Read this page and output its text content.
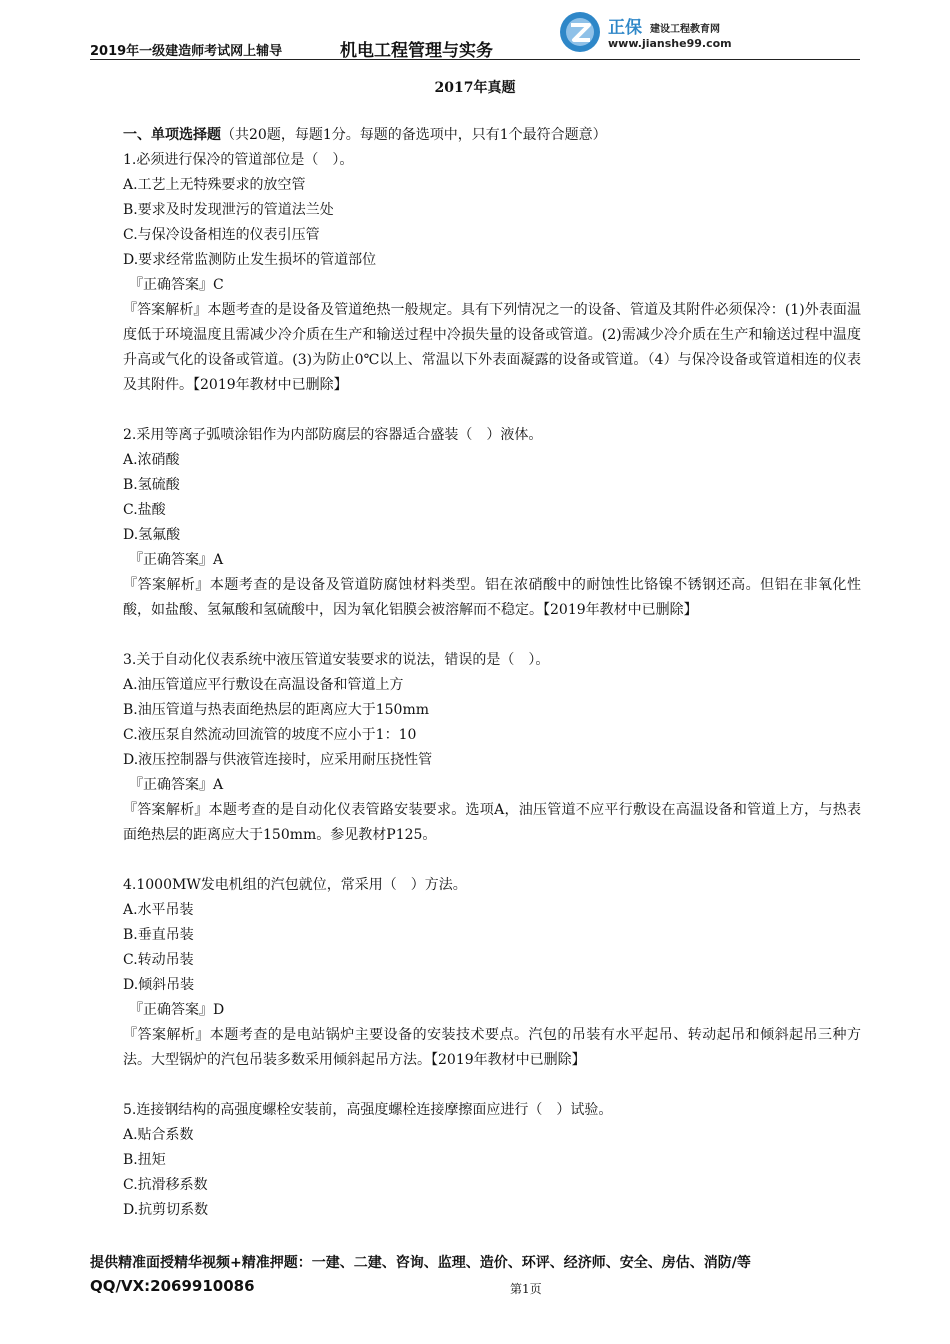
2019年一级建造师考试网上辅导	机电工程管理与实务
正保 建设工程教育网
www.jianshe99.com
2017年真题

一、单项选择题（共20题，每题1分。每题的备选项中，只有1个最符合题意）

1.必须进行保冷的管道部位是（　）。

A.工艺上无特殊要求的放空管

B.要求及时发现泄污的管道法兰处

C.与保冷设备相连的仪表引压管

D.要求经常监测防止发生损坏的管道部位

『正确答案』C

『答案解析』本题考查的是设备及管道绝热一般规定。具有下列情况之一的设备、管道及其附件必须保冷：(1)外表面温度低于环境温度且需减少冷介质在生产和输送过程中冷损失量的设备或管道。(2)需减少冷介质在生产和输送过程中温度升高或气化的设备或管道。(3)为防止0℃以上、常温以下外表面凝露的设备或管道。（4）与保冷设备或管道相连的仪表及其附件。【2019年教材中已删除】

2.采用等离子弧喷涂铝作为内部防腐层的容器适合盛装（　）液体。

A.浓硝酸

B.氢硫酸

C.盐酸

D.氢氟酸

『正确答案』A

『答案解析』本题考查的是设备及管道防腐蚀材料类型。铝在浓硝酸中的耐蚀性比铬镍不锈钢还高。但铝在非氧化性酸，如盐酸、氢氟酸和氢硫酸中，因为氧化铝膜会被溶解而不稳定。【2019年教材中已删除】

3.关于自动化仪表系统中液压管道安装要求的说法，错误的是（　）。

A.油压管道应平行敷设在高温设备和管道上方

B.油压管道与热表面绝热层的距离应大于150mm

C.液压泵自然流动回流管的坡度不应小于1：10

D.液压控制器与供液管连接时，应采用耐压挠性管

『正确答案』A

『答案解析』本题考查的是自动化仪表管路安装要求。选项A，油压管道不应平行敷设在高温设备和管道上方，与热表面绝热层的距离应大于150mm。参见教材P125。

4.1000MW发电机组的汽包就位，常采用（　）方法。

A.水平吊装

B.垂直吊装

C.转动吊装

D.倾斜吊装

『正确答案』D

『答案解析』本题考查的是电站锅炉主要设备的安装技术要点。汽包的吊装有水平起吊、转动起吊和倾斜起吊三种方法。大型锅炉的汽包吊装多数采用倾斜起吊方法。【2019年教材中已删除】

5.连接钢结构的高强度螺栓安装前，高强度螺栓连接摩擦面应进行（　）试验。

A.贴合系数

B.扭矩

C.抗滑移系数

D.抗剪切系数

提供精准面授精华视频+精准押题：一建、二建、咨询、监理、造价、环评、经济师、安全、房估、消防/等
QQ/VX:2069910086	第1页
